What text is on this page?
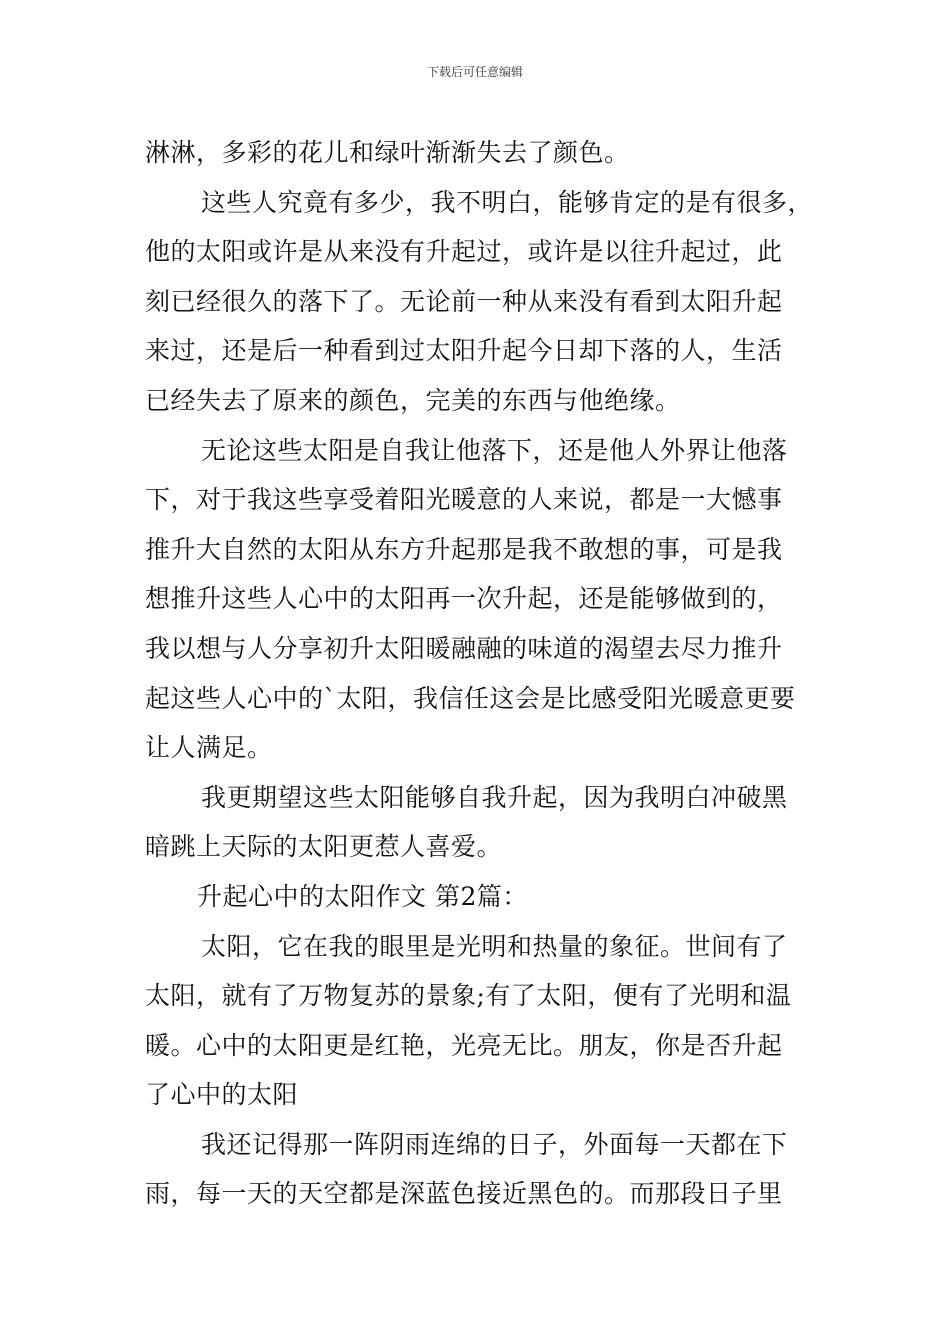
下载后可任意编辑
淋淋，多彩的花儿和绿叶渐渐失去了颜色。
这些人究竟有多少，我不明白，能够肯定的是有很多，
他的太阳或许是从来没有升起过，或许是以往升起过，此
刻已经很久的落下了。无论前一种从来没有看到太阳升起
来过，还是后一种看到过太阳升起今日却下落的人，生活
已经失去了原来的颜色，完美的东西与他绝缘。
无论这些太阳是自我让他落下，还是他人外界让他落
下，对于我这些享受着阳光暖意的人来说，都是一大憾事
推升大自然的太阳从东方升起那是我不敢想的事，可是我
想推升这些人心中的太阳再一次升起，还是能够做到的，
我以想与人分享初升太阳暖融融的味道的渴望去尽力推升
起这些人心中的`太阳，我信任这会是比感受阳光暖意更要
让人满足。
我更期望这些太阳能够自我升起，因为我明白冲破黑
暗跳上天际的太阳更惹人喜爱。
升起心中的太阳作文 第2篇：
太阳，它在我的眼里是光明和热量的象征。世间有了
太阳，就有了万物复苏的景象;有了太阳，便有了光明和温
暖。心中的太阳更是红艳，光亮无比。朋友，你是否升起
了心中的太阳
我还记得那一阵阴雨连绵的日子，外面每一天都在下
雨，每一天的天空都是深蓝色接近黑色的。而那段日子里
